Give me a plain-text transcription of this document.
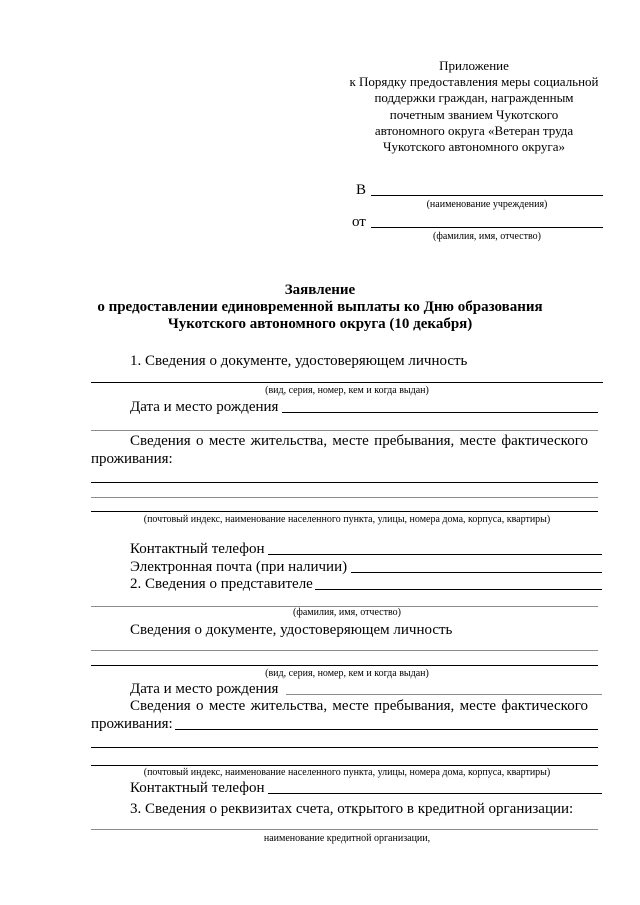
Приложение
к Порядку предоставления меры социальной
поддержки граждан, награжденным
почетным званием Чукотского
автономного округа «Ветеран труда
Чукотского автономного округа»
В
(наименование учреждения)
от
(фамилия, имя, отчество)
Заявление
о предоставлении единовременной выплаты ко Дню образования
Чукотского автономного округа (10 декабря)
1. Сведения о документе, удостоверяющем личность
(вид, серия, номер, кем и когда выдан)
Дата и место рождения
Сведения о месте жительства, месте пребывания, месте фактического
проживания:
(почтовый индекс, наименование населенного пункта, улицы, номера дома, корпуса, квартиры)
Контактный телефон
Электронная почта (при наличии)
2. Сведения о представителе
(фамилия, имя, отчество)
Сведения о документе, удостоверяющем личность
(вид, серия, номер, кем и когда выдан)
Дата и место рождения
Сведения о месте жительства, месте пребывания, месте фактического
проживания:
(почтовый индекс, наименование населенного пункта, улицы, номера дома, корпуса, квартиры)
Контактный телефон
3. Сведения о реквизитах счета, открытого в кредитной организации:
наименование кредитной организации,
